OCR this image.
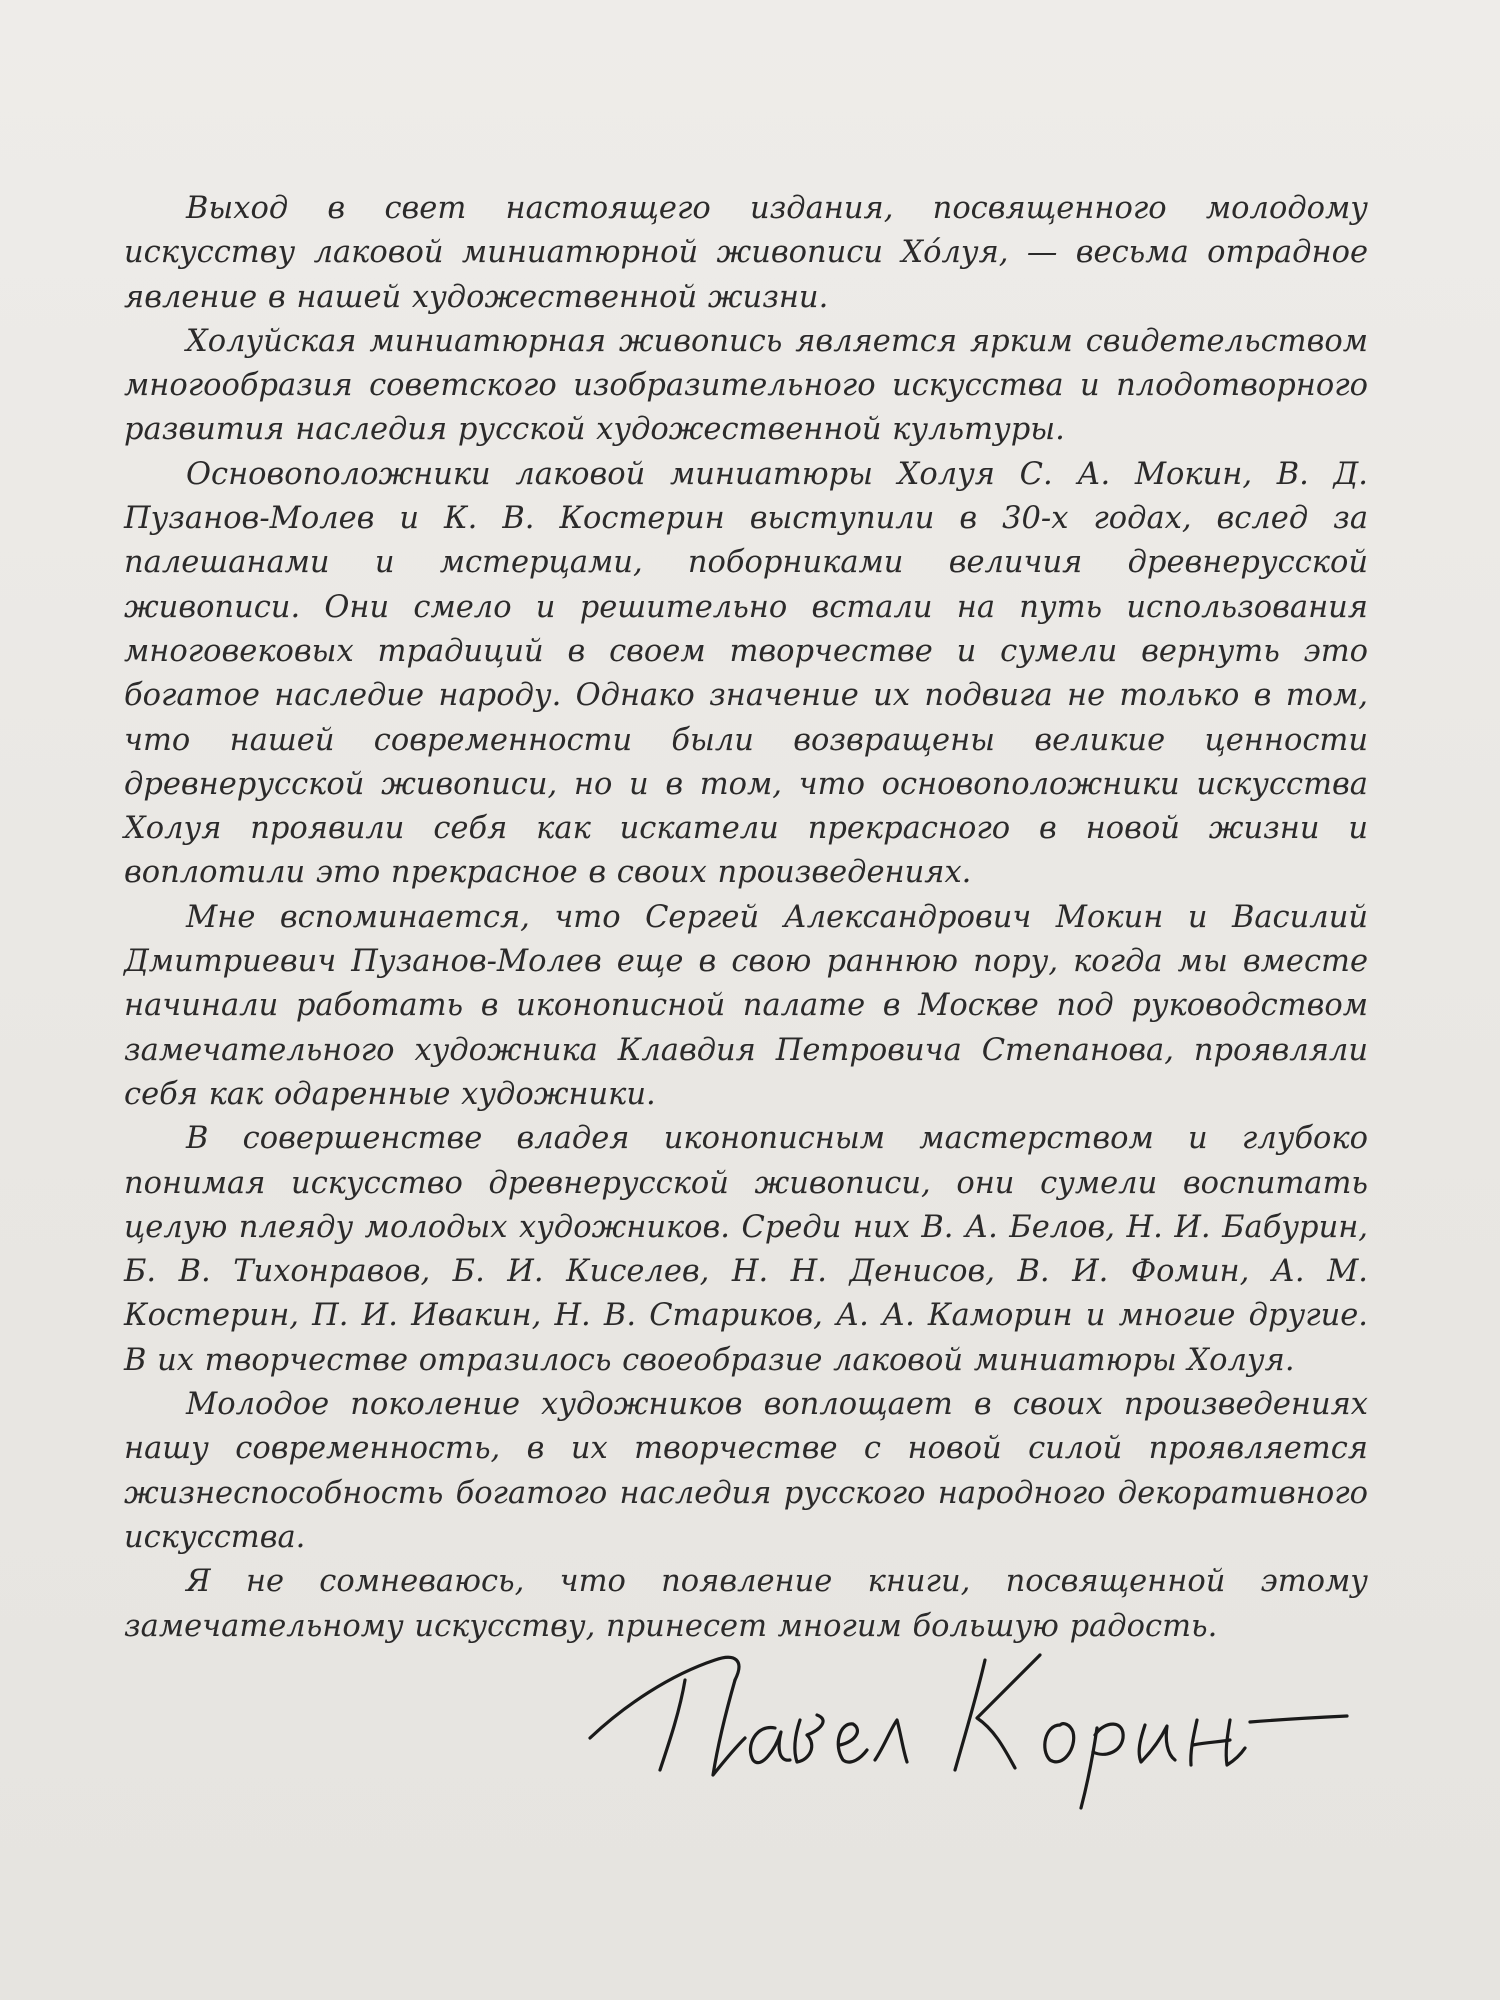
Выход в свет настоящего издания, посвященного молодому искусству лаковой миниатюрной живописи Хо́луя, — весьма отрадное явление в нашей художественной жизни.

Холуйская миниатюрная живопись является ярким свидетельством многообразия советского изобразительного искусства и плодотворного развития наследия русской художественной культуры.

Основоположники лаковой миниатюры Холуя С. А. Мокин, В. Д. Пузанов-Молев и К. В. Костерин выступили в 30-х годах, вслед за палешанами и мстерцами, поборниками величия древнерусской живописи. Они смело и решительно встали на путь использования многовековых традиций в своем творчестве и сумели вернуть это богатое наследие народу. Однако значение их подвига не только в том, что нашей современности были возвращены великие ценности древнерусской живописи, но и в том, что основоположники искусства Холуя проявили себя как искатели прекрасного в новой жизни и воплотили это прекрасное в своих произведениях.

Мне вспоминается, что Сергей Александрович Мокин и Василий Дмитриевич Пузанов-Молев еще в свою раннюю пору, когда мы вместе начинали работать в иконописной палате в Москве под руководством замечательного художника Клавдия Петровича Степанова, проявляли себя как одаренные художники.

В совершенстве владея иконописным мастерством и глубоко понимая искусство древнерусской живописи, они сумели воспитать целую плеяду молодых художников. Среди них В. А. Белов, Н. И. Бабурин, Б. В. Тихонравов, Б. И. Киселев, Н. Н. Денисов, В. И. Фомин, А. М. Костерин, П. И. Ивакин, Н. В. Стариков, А. А. Каморин и многие другие. В их творчестве отразилось своеобразие лаковой миниатюры Холуя.

Молодое поколение художников воплощает в своих произведениях нашу современность, в их творчестве с новой силой проявляется жизнеспособность богатого наследия русского народного декоративного искусства.

Я не сомневаюсь, что появление книги, посвященной этому замечательному искусству, принесет многим большую радость.
